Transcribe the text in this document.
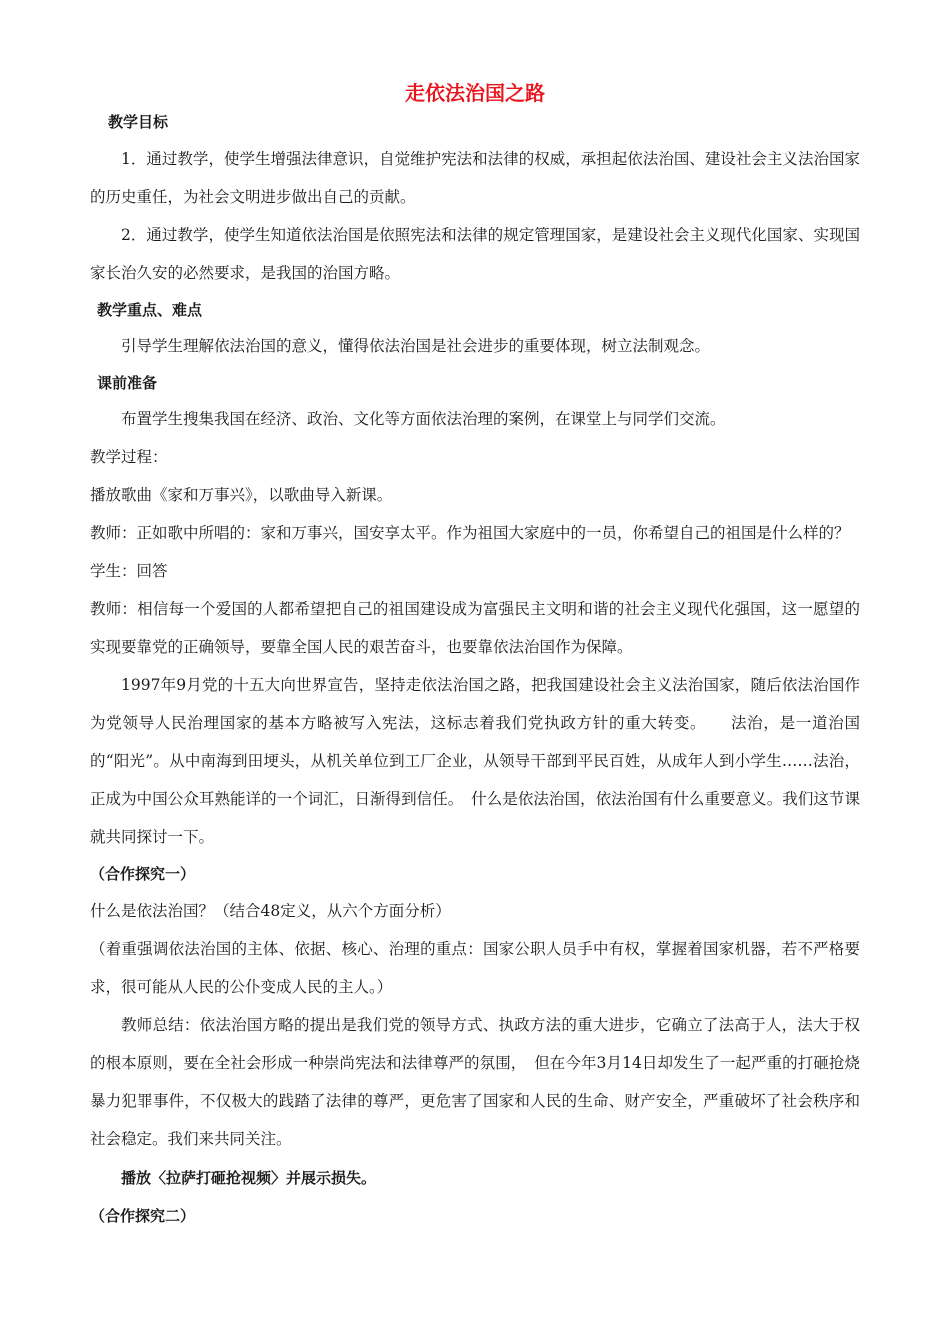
走依法治国之路

教学目标

1．通过教学，使学生增强法律意识，自觉维护宪法和法律的权威，承担起依法治国、建设社会主义法治国家的历史重任，为社会文明进步做出自己的贡献。

2．通过教学，使学生知道依法治国是依照宪法和法律的规定管理国家，是建设社会主义现代化国家、实现国家长治久安的必然要求，是我国的治国方略。

教学重点、难点

引导学生理解依法治国的意义，懂得依法治国是社会进步的重要体现，树立法制观念。

课前准备

布置学生搜集我国在经济、政治、文化等方面依法治理的案例，在课堂上与同学们交流。

教学过程：

播放歌曲《家和万事兴》，以歌曲导入新课。

教师：正如歌中所唱的：家和万事兴，国安享太平。作为祖国大家庭中的一员，你希望自己的祖国是什么样的？

学生：回答

教师：相信每一个爱国的人都希望把自己的祖国建设成为富强民主文明和谐的社会主义现代化强国，这一愿望的实现要靠党的正确领导，要靠全国人民的艰苦奋斗，也要靠依法治国作为保障。

1997年9月党的十五大向世界宣告，坚持走依法治国之路，把我国建设社会主义法治国家，随后依法治国作为党领导人民治理国家的基本方略被写入宪法，这标志着我们党执政方针的重大转变。　　法治，是一道治国的“阳光”。从中南海到田埂头，从机关单位到工厂企业，从领导干部到平民百姓，从成年人到小学生……法治，正成为中国公众耳熟能详的一个词汇，日渐得到信任。　什么是依法治国，依法治国有什么重要意义。我们这节课就共同探讨一下。

（合作探究一）

什么是依法治国？（结合48定义，从六个方面分析）

（着重强调依法治国的主体、依据、核心、治理的重点：国家公职人员手中有权，掌握着国家机器，若不严格要求，很可能从人民的公仆变成人民的主人。）

教师总结：依法治国方略的提出是我们党的领导方式、执政方法的重大进步，它确立了法高于人，法大于权的根本原则，要在全社会形成一种崇尚宪法和法律尊严的氛围，　但在今年3月14日却发生了一起严重的打砸抢烧暴力犯罪事件，不仅极大的践踏了法律的尊严，更危害了国家和人民的生命、财产安全，严重破坏了社会秩序和社会稳定。我们来共同关注。

播放〈拉萨打砸抢视频〉并展示损失。

（合作探究二）
